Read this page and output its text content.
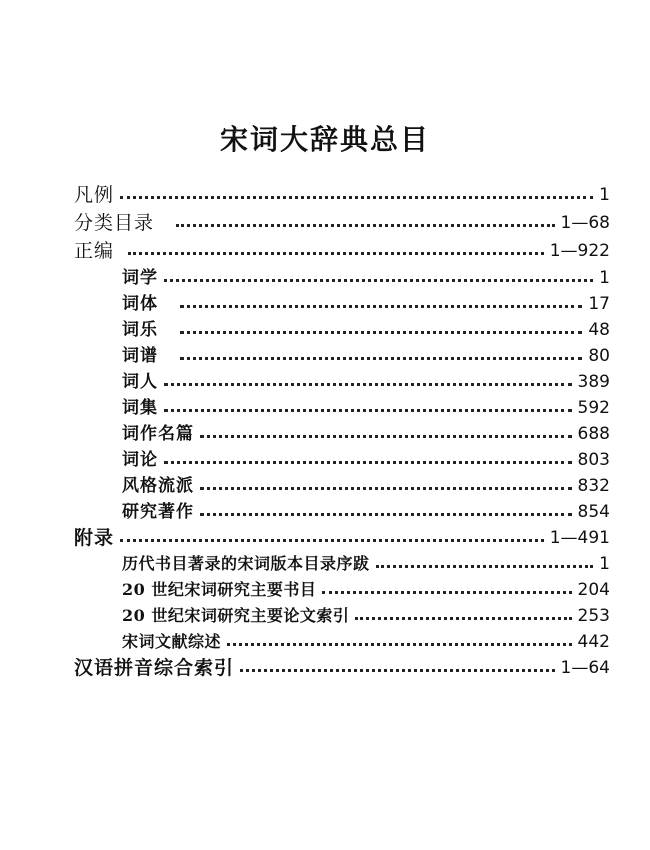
宋词大辞典总目
凡例	1
分类目录	1—68
正编	1—922
词学	1
词体	17
词乐	48
词谱	80
词人	389
词集	592
词作名篇	688
词论	803
风格流派	832
研究著作	854
附录	1—491
历代书目著录的宋词版本目录序跋	1
20 世纪宋词研究主要书目	204
20 世纪宋词研究主要论文索引	253
宋词文献综述	442
汉语拼音综合索引	1—64
